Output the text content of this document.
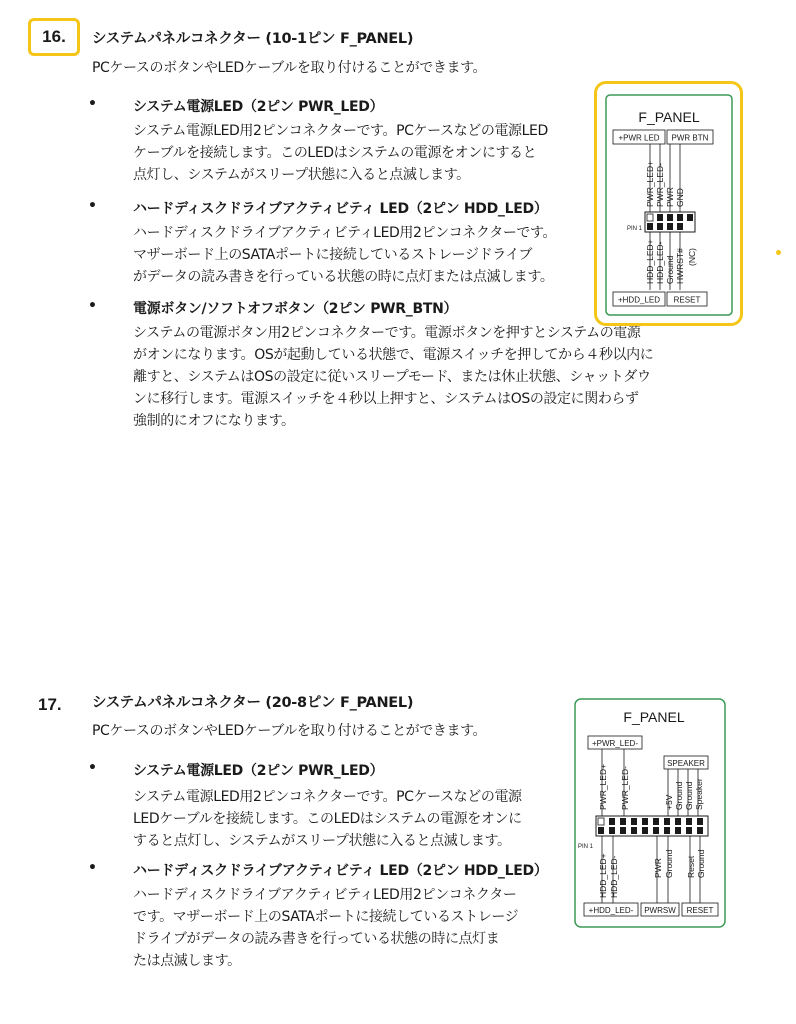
16.	システムパネルコネクター (10-1ピン F_PANEL)
PCケースのボタンやLEDケーブルを取り付けることができます。
•	システム電源LED（2ピン PWR_LED）
システム電源LED用2ピンコネクターです。PCケースなどの電源LED
ケーブルを接続します。このLEDはシステムの電源をオンにすると
点灯し、システムがスリープ状態に入ると点滅します。
•	ハードディスクドライブアクティビティ LED（2ピン HDD_LED）
ハードディスクドライブアクティビティLED用2ピンコネクターです。
マザーボード上のSATAポートに接続しているストレージドライブ
がデータの読み書きを行っている状態の時に点灯または点滅します。
•	電源ボタン/ソフトオフボタン（2ピン PWR_BTN）
システムの電源ボタン用2ピンコネクターです。電源ボタンを押すとシステムの電源
がオンになります。OSが起動している状態で、電源スイッチを押してから４秒以内に
離すと、システムはOSの設定に従いスリープモード、または休止状態、シャットダウ
ンに移行します。電源スイッチを４秒以上押すと、システムはOSの設定に関わらず
強制的にオフになります。
F_PANEL
+PWR LED PWR BTN
PWR_LED+ PWR_LED- PWR GND
PIN 1
HDD_LED+ HDD_LED- Ground HWRST# (NC)
+HDD_LED RESET
17. システムパネルコネクター (20-8ピン F_PANEL)
PCケースのボタンやLEDケーブルを取り付けることができます。
•	システム電源LED（2ピン PWR_LED）
システム電源LED用2ピンコネクターです。PCケースなどの電源
LEDケーブルを接続します。このLEDはシステムの電源をオンに
すると点灯し、システムがスリープ状態に入ると点滅します。
•	ハードディスクドライブアクティビティ LED（2ピン HDD_LED）
ハードディスクドライブアクティビティLED用2ピンコネクター
です。マザーボード上のSATAポートに接続しているストレージ
ドライブがデータの読み書きを行っている状態の時に点灯ま
たは点滅します。
F_PANEL
+PWR_LED-
SPEAKER
PWR_LED+ PWR_LED-	+5V Ground Ground Speaker
PIN 1
HDD_LED+ HDD_LED-	PWR Ground Reset Ground
+HDD_LED- PWRSW RESET
